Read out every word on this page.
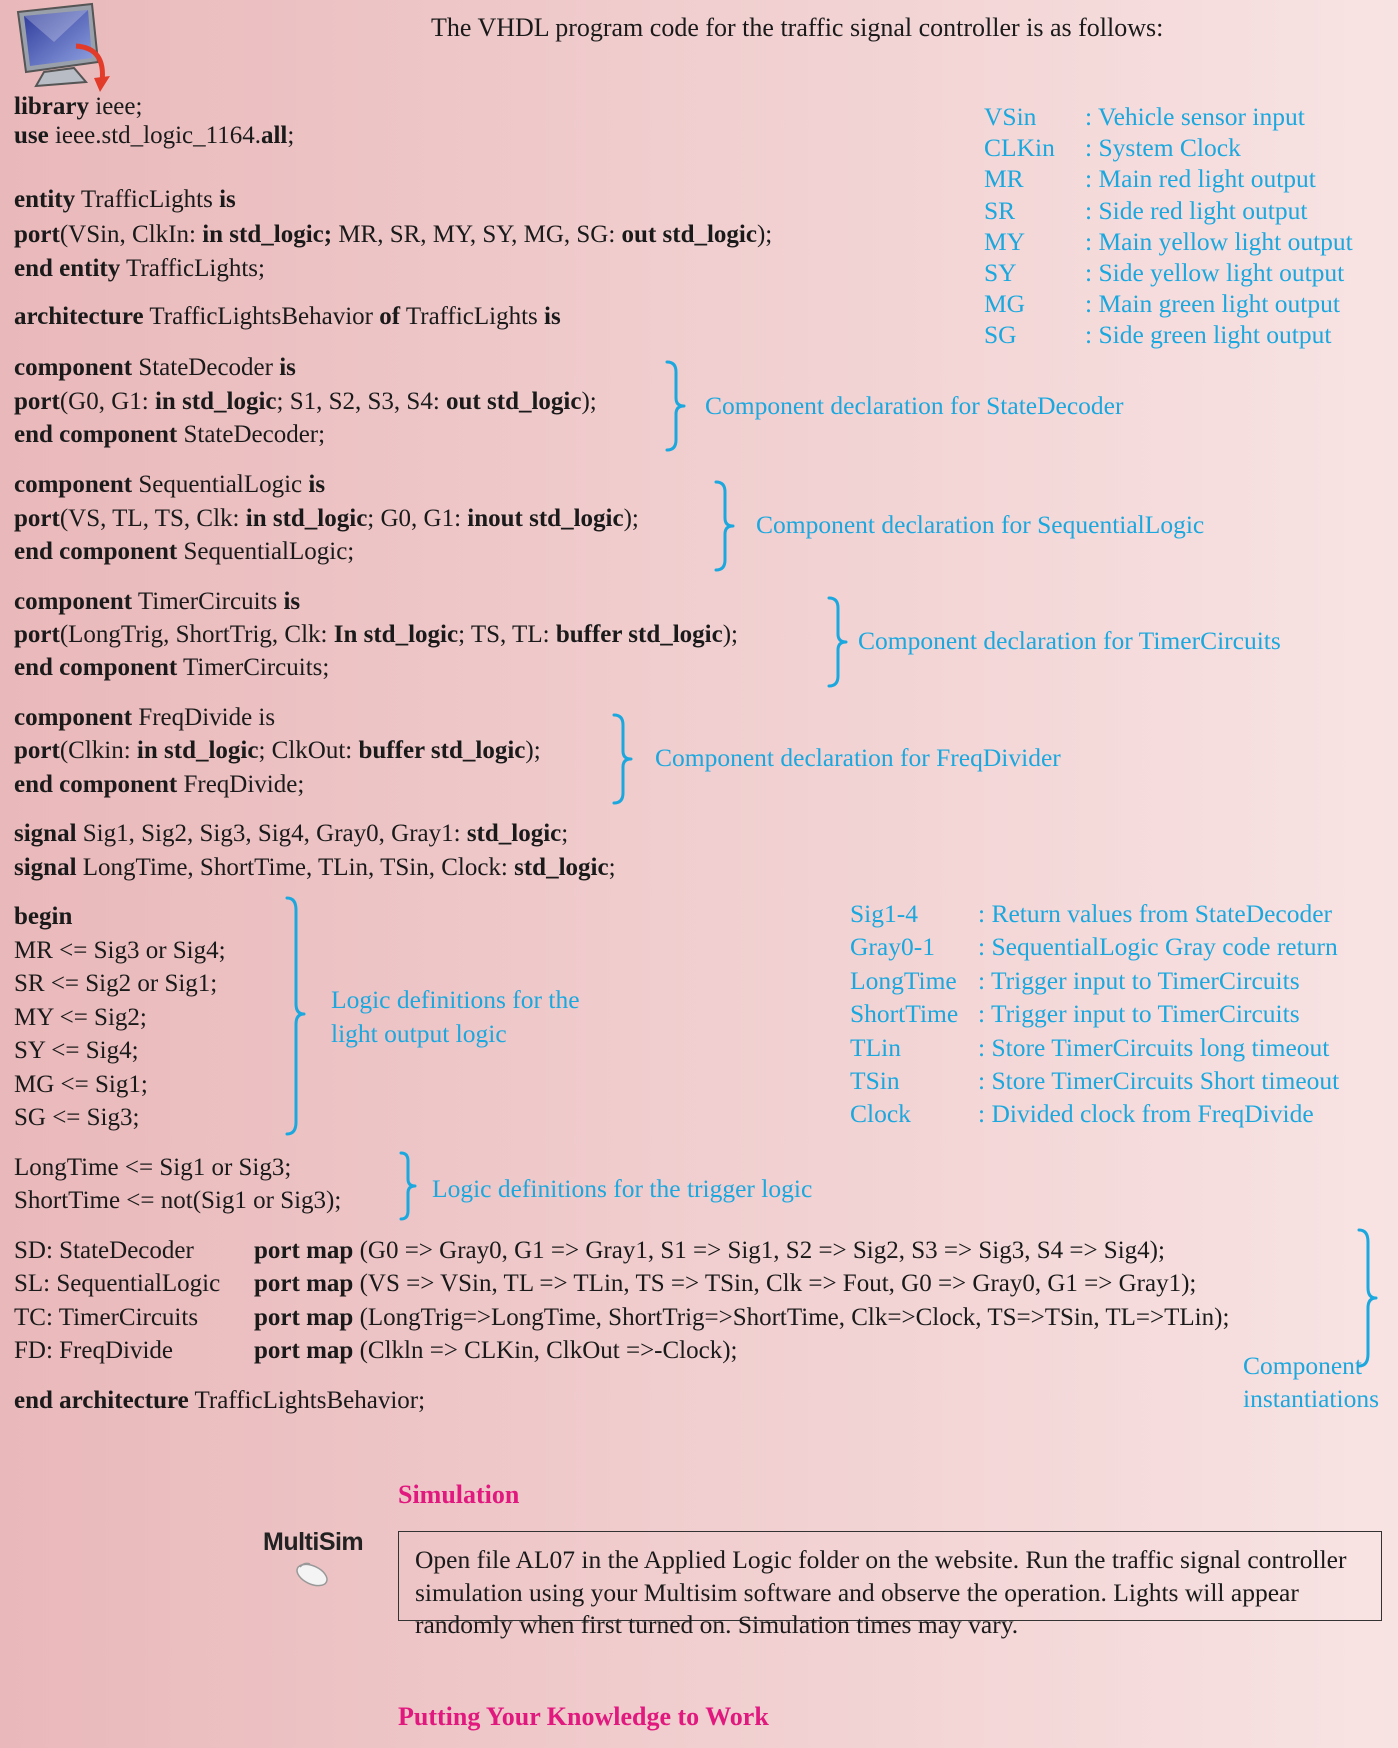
The VHDL program code for the traffic signal controller is as follows:
library ieee;
use ieee.std_logic_1164.all;
entity TrafficLights is
port(VSin, ClkIn: in std_logic; MR, SR, MY, SY, MG, SG: out std_logic);
end entity TrafficLights;
architecture TrafficLightsBehavior of TrafficLights is
component StateDecoder is
port(G0, G1: in std_logic; S1, S2, S3, S4: out std_logic);
end component StateDecoder;
component SequentialLogic is
port(VS, TL, TS, Clk: in std_logic; G0, G1: inout std_logic);
end component SequentialLogic;
component TimerCircuits is
port(LongTrig, ShortTrig, Clk: In std_logic; TS, TL: buffer std_logic);
end component TimerCircuits;
component FreqDivide is
port(Clkin: in std_logic; ClkOut: buffer std_logic);
end component FreqDivide;
signal Sig1, Sig2, Sig3, Sig4, Gray0, Gray1: std_logic;
signal LongTime, ShortTime, TLin, TSin, Clock: std_logic;
begin
MR <= Sig3 or Sig4;
SR <= Sig2 or Sig1;
MY <= Sig2;
SY <= Sig4;
MG <= Sig1;
SG <= Sig3;
LongTime <= Sig1 or Sig3;
ShortTime <= not(Sig1 or Sig3);
SD: StateDecoder port map (G0 => Gray0, G1 => Gray1, S1 => Sig1, S2 => Sig2, S3 => Sig3, S4 => Sig4);
SL: SequentialLogic port map (VS => VSin, TL => TLin, TS => TSin, Clk => Fout, G0 => Gray0, G1 => Gray1);
TC: TimerCircuits port map (LongTrig=>LongTime, ShortTrig=>ShortTime, Clk=>Clock, TS=>TSin, TL=>TLin);
FD: FreqDivide	port map (Clkln => CLKin, ClkOut =>-Clock);
end architecture TrafficLightsBehavior;
VSin : Vehicle sensor input
CLKin : System Clock
MR : Main red light output
SR	: Side red light output
MY : Main yellow light output
SY	: Side yellow light output
MG : Main green light output
SG	: Side green light output
Sig1-4 : Return values from StateDecoder
Gray0-1 : SequentialLogic Gray code return
LongTime : Trigger input to TimerCircuits
ShortTime : Trigger input to TimerCircuits
TLin	: Store TimerCircuits long timeout
TSin	: Store TimerCircuits Short timeout
Clock	: Divided clock from FreqDivide
Component declaration for StateDecoder
Component declaration for SequentialLogic
Component declaration for TimerCircuits
Component declaration for FreqDivider
Logic definitions for the
light output logic
Logic definitions for the trigger logic
Component
instantiations
Simulation
MultiSim
Open file AL07 in the Applied Logic folder on the website. Run the traffic signal controller simulation using your Multisim software and observe the operation. Lights will appear randomly when first turned on. Simulation times may vary.
Putting Your Knowledge to Work
